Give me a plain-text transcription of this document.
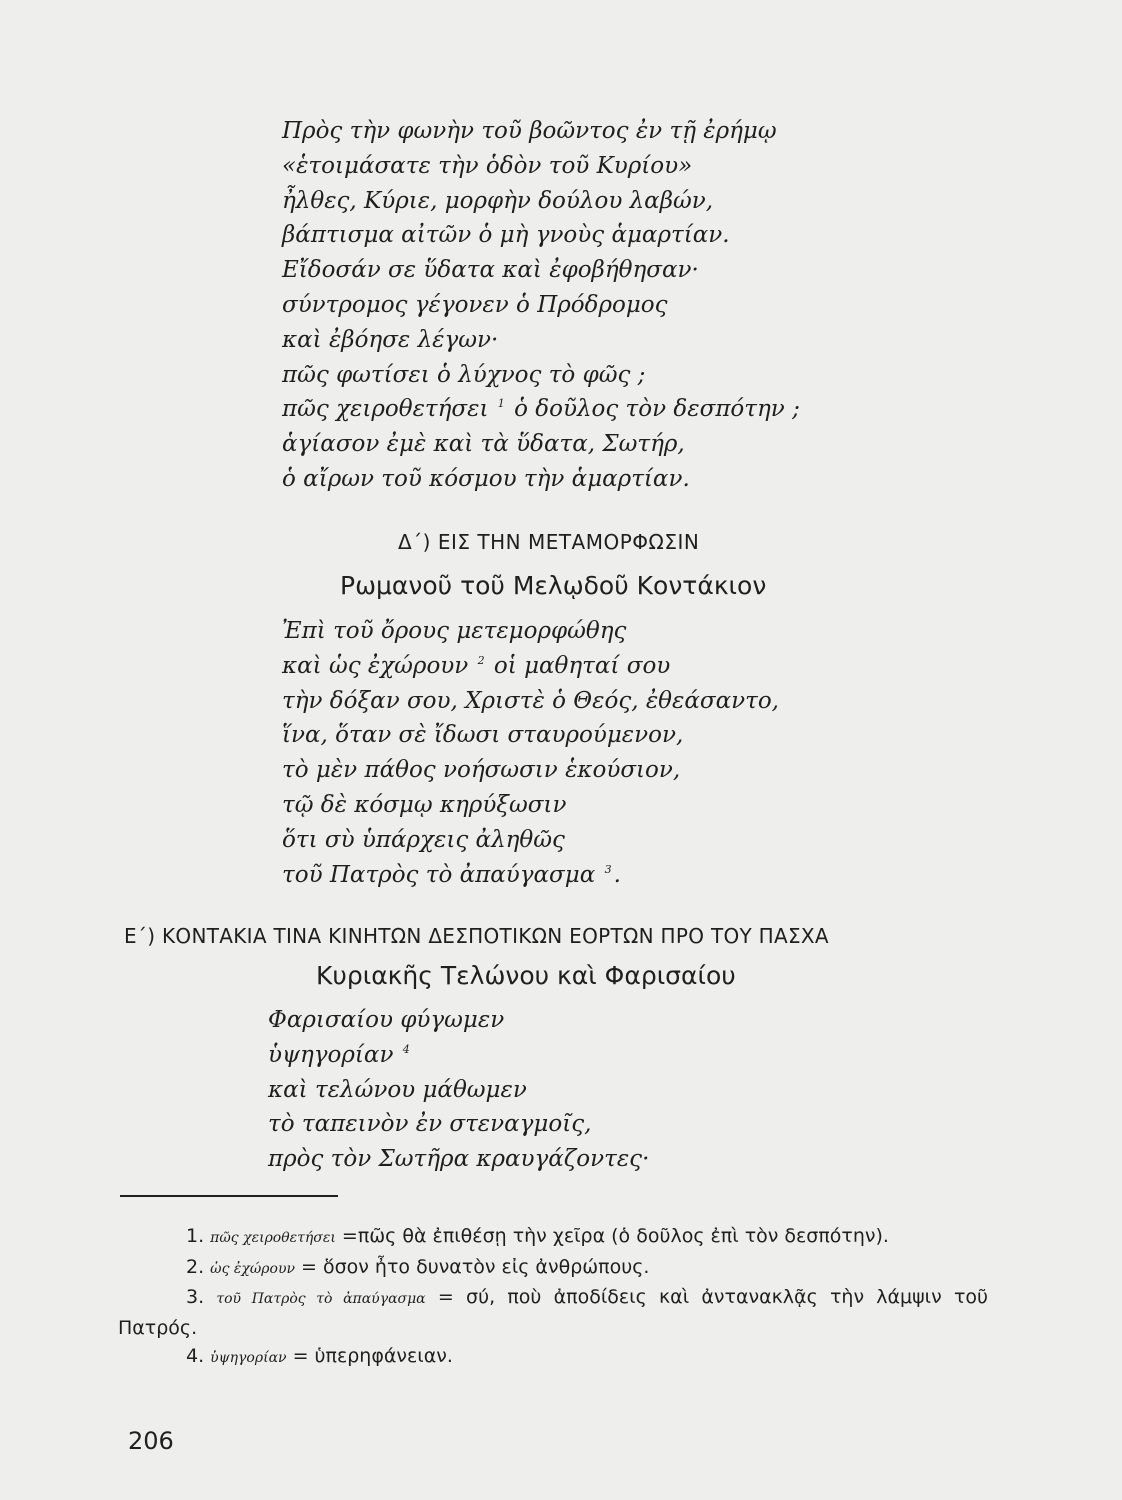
Πρὸς τὴν φωνὴν τοῦ βοῶντος ἐν τῇ ἐρήμῳ
«ἑτοιμάσατε τὴν ὁδὸν τοῦ Κυρίου»
ἦλθες, Κύριε, μορφὴν δούλου λαβών,
βάπτισμα αἰτῶν ὁ μὴ γνοὺς ἁμαρτίαν.
Εἴδοσάν σε ὕδατα καὶ ἐφοβήθησαν·
σύντρομος γέγονεν ὁ Πρόδρομος
καὶ ἐβόησε λέγων·
πῶς φωτίσει ὁ λύχνος τὸ φῶς ;
πῶς χειροθετήσει $^1$ ὁ δοῦλος τὸν δεσπότην ;
ἁγίασον ἐμὲ καὶ τὰ ὕδατα, Σωτήρ,
ὁ αἴρων τοῦ κόσμου τὴν ἁμαρτίαν.
Δ΄) ΕΙΣ ΤΗΝ ΜΕΤΑΜΟΡΦΩΣΙΝ
Ρωμανοῦ τοῦ Μελῳδοῦ Κοντάκιον
Ἐπὶ τοῦ ὄρους μετεμορφώθης
καὶ ὡς ἐχώρουν $^2$ οἱ μαθηταί σου
τὴν δόξαν σου, Χριστὲ ὁ Θεός, ἐθεάσαντο,
ἵνα, ὅταν σὲ ἴδωσι σταυρούμενον,
τὸ μὲν πάθος νοήσωσιν ἑκούσιον,
τῷ δὲ κόσμῳ κηρύξωσιν
ὅτι σὺ ὑπάρχεις ἀληθῶς
τοῦ Πατρὸς τὸ ἀπαύγασμα $^3$.
Ε΄) ΚΟΝΤΑΚΙΑ ΤΙΝΑ ΚΙΝΗΤΩΝ ΔΕΣΠΟΤΙΚΩΝ ΕΟΡΤΩΝ ΠΡΟ ΤΟΥ ΠΑΣΧΑ
Κυριακῆς Τελώνου καὶ Φαρισαίου
Φαρισαίου φύγωμεν
ὑψηγορίαν $^4$
καὶ τελώνου μάθωμεν
τὸ ταπεινὸν ἐν στεναγμοῖς,
πρὸς τὸν Σωτῆρα κραυγάζοντες·

1. πῶς χειροθετήσει =πῶς θὰ ἐπιθέσῃ τὴν χεῖρα (ὁ δοῦλος ἐπὶ τὸν δεσπότην).

2. ὡς ἐχώρουν = ὅσον ἦτο δυνατὸν εἰς ἀνθρώπους.

3. τοῦ Πατρὸς τὸ ἀπαύγασμα = σύ, ποὺ ἀποδίδεις καὶ ἀντανακλᾷς τὴν λάμψιν τοῦ Πατρός.

4. ὑψηγορίαν = ὑπερηφάνειαν.

206
